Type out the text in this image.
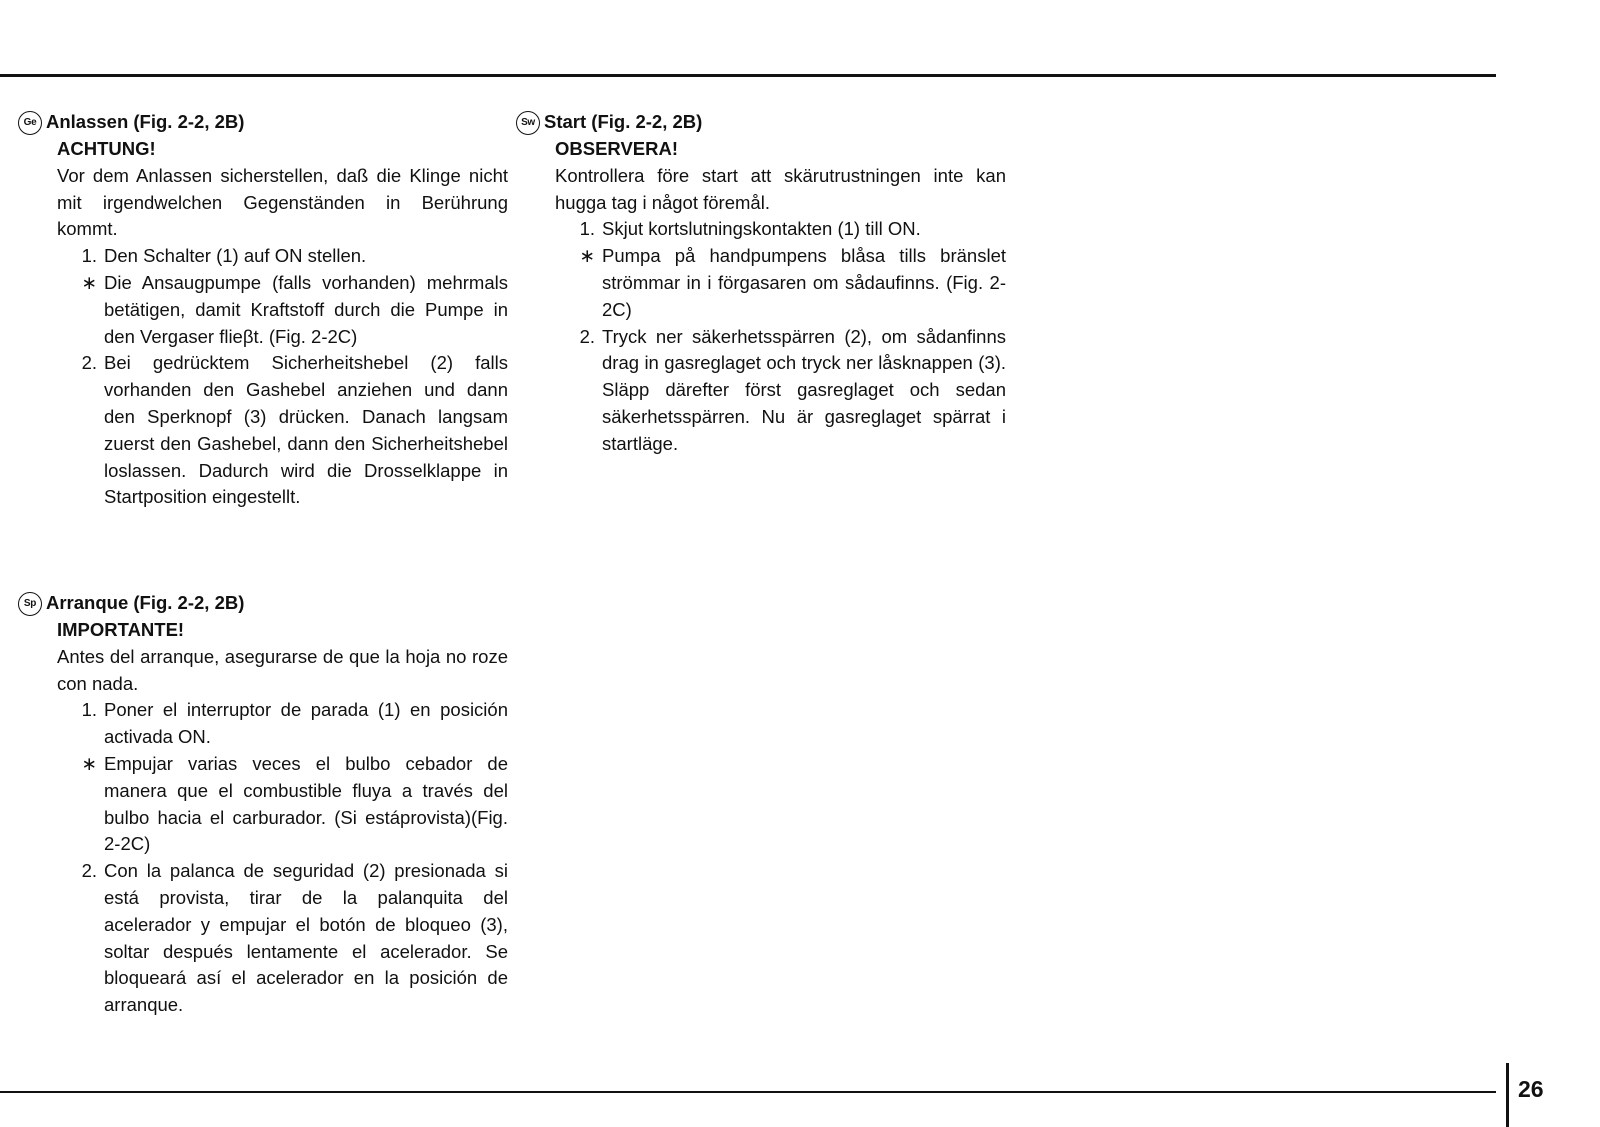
Ge Anlassen (Fig. 2-2, 2B)
ACHTUNG!
Vor dem Anlassen sicherstellen, daß die Klinge nicht mit irgendwelchen Gegenständen in Berührung kommt.
1. Den Schalter (1) auf ON stellen.
∗ Die Ansaugpumpe (falls vorhanden) mehrmals betätigen, damit Kraftstoff durch die Pumpe in den Vergaser flieβt. (Fig. 2-2C)
2. Bei gedrücktem Sicherheitshebel (2) falls vorhanden den Gashebel anziehen und dann den Sperknopf (3) drücken. Danach langsam zuerst den Gashebel, dann den Sicherheitshebel loslassen. Dadurch wird die Drosselklappe in Startposition eingestellt.
Sp Arranque (Fig. 2-2, 2B)
IMPORTANTE!
Antes del arranque, asegurarse de que la hoja no roze con nada.
1. Poner el interruptor de parada (1) en posición activada ON.
∗ Empujar varias veces el bulbo cebador de manera que el combustible fluya a través del bulbo hacia el carburador. (Si estáprovista)(Fig. 2-2C)
2. Con la palanca de seguridad (2) presionada si está provista, tirar de la palanquita del acelerador y empujar el botón de bloqueo (3), soltar después lentamente el acelerador. Se bloqueará así el acelerador en la posición de arranque.
Sw Start (Fig. 2-2, 2B)
OBSERVERA!
Kontrollera före start att skärutrustningen inte kan hugga tag i något föremål.
1. Skjut kortslutningskontakten (1) till ON.
∗ Pumpa på handpumpens blåsa tills bränslet strömmar in i förgasaren om sådaufinns. (Fig. 2-2C)
2. Tryck ner säkerhetsspärren (2), om sådanfinns drag in gasreglaget och tryck ner låsknappen (3). Släpp därefter först gasreglaget och sedan säkerhetsspärren. Nu är gasreglaget spärrat i startläge.
26
